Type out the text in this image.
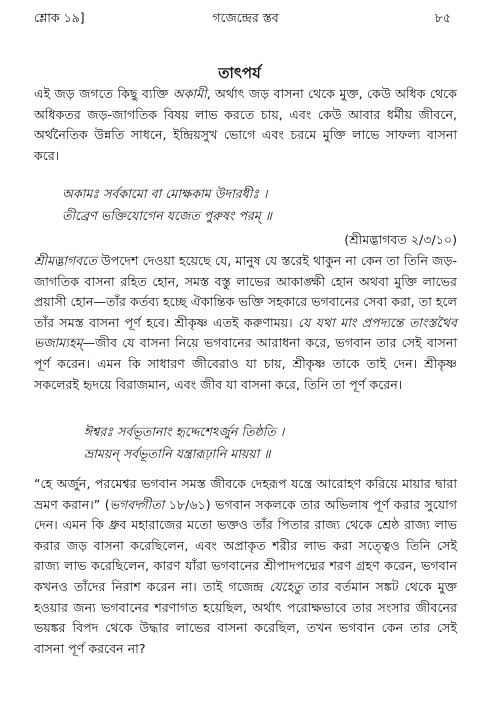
শ্লোক ১৯]	গজেন্দ্রের স্তব	৮৫
তাৎপর্য

এই জড় জগতে কিছু ব্যক্তি অকামী, অর্থাৎ জড় বাসনা থেকে মুক্ত, কেউ অধিক থেকে অধিকতর জড়-জাগতিক বিষয় লাভ করতে চায়, এবং কেউ আবার ধর্মীয় জীবনে, অর্থনৈতিক উন্নতি সাধনে, ইন্দ্রিয়সুখ ভোগে এবং চরমে মুক্তি লাভে সাফল্য বাসনা করে।

অকামঃ সর্বকামো বা মোক্ষকাম উদারধীঃ ।
তীব্রেণ ভক্তিযোগেন যজেত পুরুষং পরম্ ॥
(শ্রীমদ্ভাগবত ২/৩/১০)

শ্রীমদ্ভাগবতে উপদেশ দেওয়া হয়েছে যে, মানুষ যে স্তরেই থাকুন না কেন তা তিনি জড়-জাগতিক বাসনা রহিত হোন, সমস্ত বস্তু লাভের আকাঙ্ক্ষী হোন অথবা মুক্তি লাভের প্রয়াসী হোন—তাঁর কর্তব্য হচ্ছে ঐকান্তিক ভক্তি সহকারে ভগবানের সেবা করা, তা হলে তাঁর সমস্ত বাসনা পূর্ণ হবে। শ্রীকৃষ্ণ এতই করুণাময়। যে যথা মাং প্রপদ্যন্তে তাংস্তথৈব ভজাম্যহম্—জীব যে বাসনা নিয়ে ভগবানের আরাধনা করে, ভগবান তার সেই বাসনা পূর্ণ করেন। এমন কি সাধারণ জীবেরাও যা চায়, শ্রীকৃষ্ণ তাকে তাই দেন। শ্রীকৃষ্ণ সকলেরই হৃদয়ে বিরাজমান, এবং জীব যা বাসনা করে, তিনি তা পূর্ণ করেন।

ঈশ্বরঃ সর্বভূতানাং হৃদ্দেশেঽর্জুন তিষ্ঠতি ।
ভ্রাময়ন্ সর্বভূতানি যন্ত্রারূঢ়ানি মায়য়া ॥

“হে অর্জুন, পরমেশ্বর ভগবান সমস্ত জীবকে দেহরূপ যন্ত্রে আরোহণ করিয়ে মায়ার দ্বারা ভ্রমণ করান।” (ভগবদ্গীতা ১৮/৬১) ভগবান সকলকে তার অভিলাষ পূর্ণ করার সুযোগ দেন। এমন কি ধ্রুব মহারাজের মতো ভক্তও তাঁর পিতার রাজ্য থেকে শ্রেষ্ঠ রাজ্য লাভ করার জড় বাসনা করেছিলেন, এবং অপ্রাকৃত শরীর লাভ করা সত্ত্বেও তিনি সেই রাজ্য লাভ করেছিলেন, কারণ যাঁরা ভগবানের শ্রীপাদপদ্মের শরণ গ্রহণ করেন, ভগবান কখনও তাঁদের নিরাশ করেন না। তাই গজেন্দ্র যেহেতু তার বর্তমান সঙ্কট থেকে মুক্ত হওয়ার জন্য ভগবানের শরণাগত হয়েছিল, অর্থাৎ পরোক্ষভাবে তার সংসার জীবনের ভয়ঙ্কর বিপদ থেকে উদ্ধার লাভের বাসনা করেছিল, তখন ভগবান কেন তার সেই বাসনা পূর্ণ করবেন না?
